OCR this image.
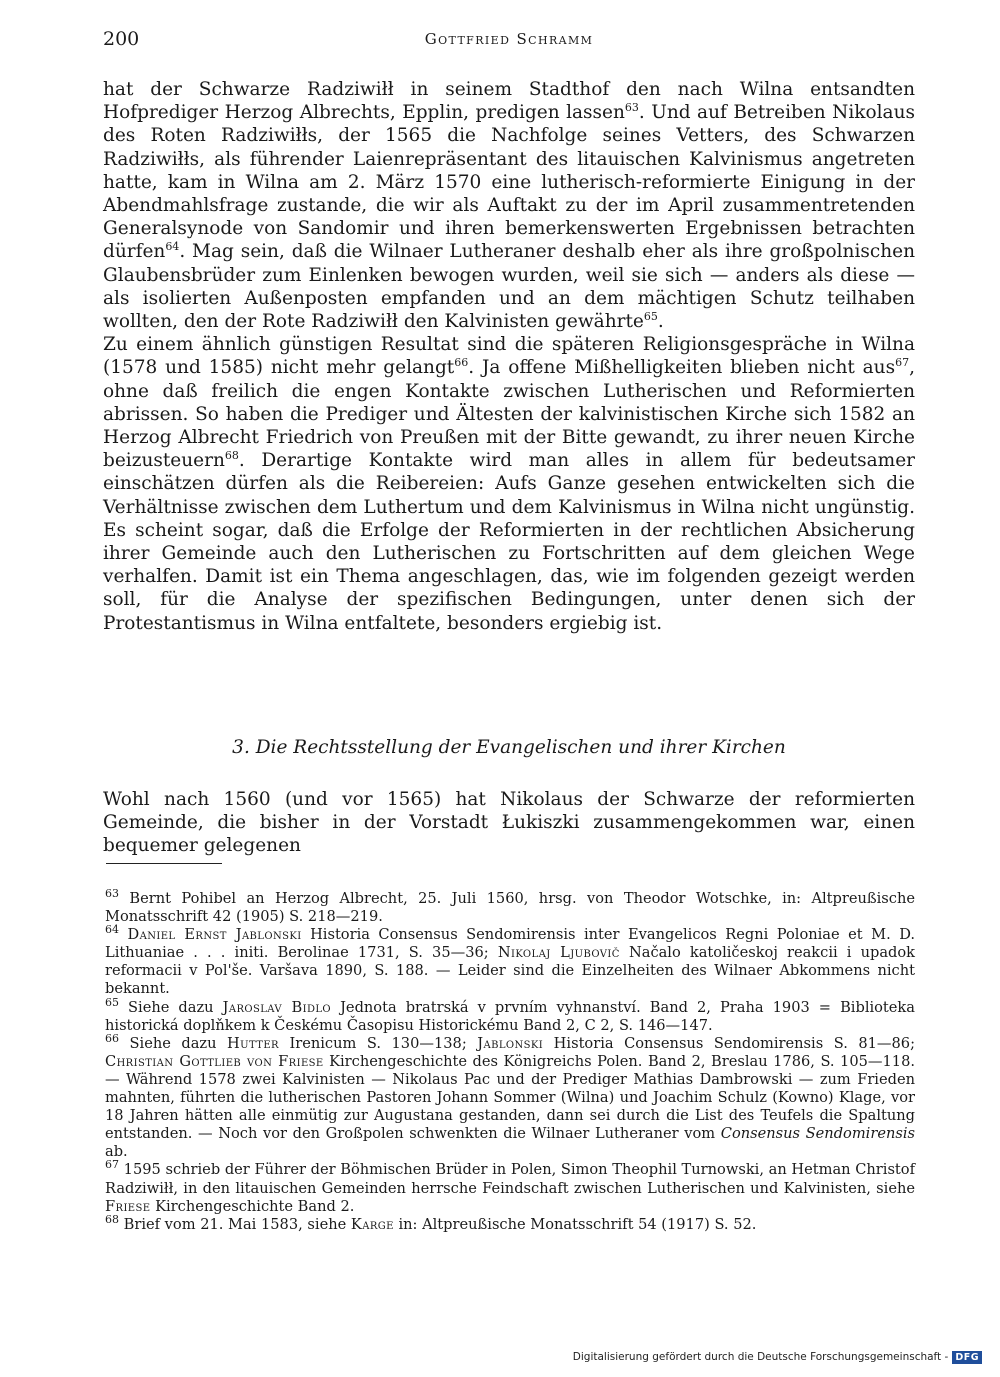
200	Gottfried Schramm

hat der Schwarze Radziwiłł in seinem Stadthof den nach Wilna entsandten Hofprediger Herzog Albrechts, Epplin, predigen lassen$^{63}$. Und auf Betreiben Nikolaus des Roten Radziwiłłs, der 1565 die Nachfolge seines Vetters, des Schwarzen Radziwiłłs, als führender Laienrepräsentant des litauischen Kalvinismus angetreten hatte, kam in Wilna am 2. März 1570 eine lutherisch-reformierte Einigung in der Abendmahlsfrage zustande, die wir als Auftakt zu der im April zusammentretenden Generalsynode von Sandomir und ihren bemerkenswerten Ergebnissen betrachten dürfen$^{64}$. Mag sein, daß die Wilnaer Lutheraner deshalb eher als ihre großpolnischen Glaubensbrüder zum Einlenken bewogen wurden, weil sie sich — anders als diese — als isolierten Außenposten empfanden und an dem mächtigen Schutz teilhaben wollten, den der Rote Radziwiłł den Kalvinisten gewährte$^{65}$.

Zu einem ähnlich günstigen Resultat sind die späteren Religionsgespräche in Wilna (1578 und 1585) nicht mehr gelangt$^{66}$. Ja offene Mißhelligkeiten blieben nicht aus$^{67}$, ohne daß freilich die engen Kontakte zwischen Lutherischen und Reformierten abrissen. So haben die Prediger und Ältesten der kalvinistischen Kirche sich 1582 an Herzog Albrecht Friedrich von Preußen mit der Bitte gewandt, zu ihrer neuen Kirche beizusteuern$^{68}$. Derartige Kontakte wird man alles in allem für bedeutsamer einschätzen dürfen als die Reibereien: Aufs Ganze gesehen entwickelten sich die Verhältnisse zwischen dem Luthertum und dem Kalvinismus in Wilna nicht ungünstig. Es scheint sogar, daß die Erfolge der Reformierten in der rechtlichen Absicherung ihrer Gemeinde auch den Lutherischen zu Fortschritten auf dem gleichen Wege verhalfen. Damit ist ein Thema angeschlagen, das, wie im folgenden gezeigt werden soll, für die Analyse der spezifischen Bedingungen, unter denen sich der Protestantismus in Wilna entfaltete, besonders ergiebig ist.

3. Die Rechtsstellung der Evangelischen und ihrer Kirchen

Wohl nach 1560 (und vor 1565) hat Nikolaus der Schwarze der reformierten Gemeinde, die bisher in der Vorstadt Łukiszki zusammengekommen war, einen bequemer gelegenen

$^{63}$ Bernt Pohibel an Herzog Albrecht, 25. Juli 1560, hrsg. von Theodor Wotschke, in: Altpreußische Monatsschrift 42 (1905) S. 218—219.

$^{64}$ Daniel Ernst Jablonski Historia Consensus Sendomirensis inter Evangelicos Regni Poloniae et M. D. Lithuaniae . . . initi. Berolinae 1731, S. 35—36; Nikolaj Ljubovič Načalo katoličeskoj reakcii i upadok reformacii v Pol'še. Varšava 1890, S. 188. — Leider sind die Einzelheiten des Wilnaer Abkommens nicht bekannt.

$^{65}$ Siehe dazu Jaroslav Bidlo Jednota bratrská v prvním vyhnanství. Band 2, Praha 1903 = Biblioteka historická doplňkem k Českému Časopisu Historickému Band 2, C 2, S. 146—147.

$^{66}$ Siehe dazu Hutter Irenicum S. 130—138; Jablonski Historia Consensus Sendomirensis S. 81—86; Christian Gottlieb von Friese Kirchengeschichte des Königreichs Polen. Band 2, Breslau 1786, S. 105—118. — Während 1578 zwei Kalvinisten — Nikolaus Pac und der Prediger Mathias Dambrowski — zum Frieden mahnten, führten die lutherischen Pastoren Johann Sommer (Wilna) und Joachim Schulz (Kowno) Klage, vor 18 Jahren hätten alle einmütig zur Augustana gestanden, dann sei durch die List des Teufels die Spaltung entstanden. — Noch vor den Großpolen schwenkten die Wilnaer Lutheraner vom Consensus Sendomirensis ab.

$^{67}$ 1595 schrieb der Führer der Böhmischen Brüder in Polen, Simon Theophil Turnowski, an Hetman Christof Radziwiłł, in den litauischen Gemeinden herrsche Feindschaft zwischen Lutherischen und Kalvinisten, siehe Friese Kirchengeschichte Band 2.

$^{68}$ Brief vom 21. Mai 1583, siehe Karge in: Altpreußische Monatsschrift 54 (1917) S. 52.

Digitalisierung gefördert durch die Deutsche Forschungsgemeinschaft - DFG
